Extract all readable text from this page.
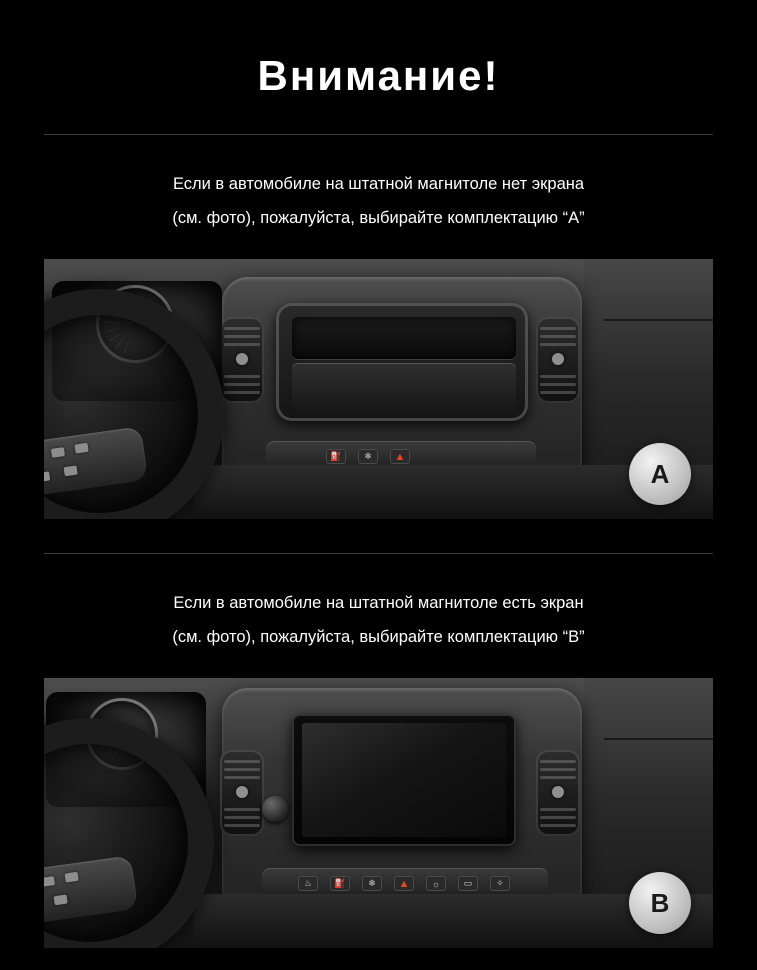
Внимание!
Если в автомобиле на штатной магнитоле нет экрана
(см. фото), пожалуйста, выбирайте комплектацию “A”
⛽	❄	▲
A
Если в автомобиле на штатной магнитоле есть экран
(см. фото), пожалуйста, выбирайте комплектацию “B”
♨	⛽	❄	▲	☼	▭	✧
B
